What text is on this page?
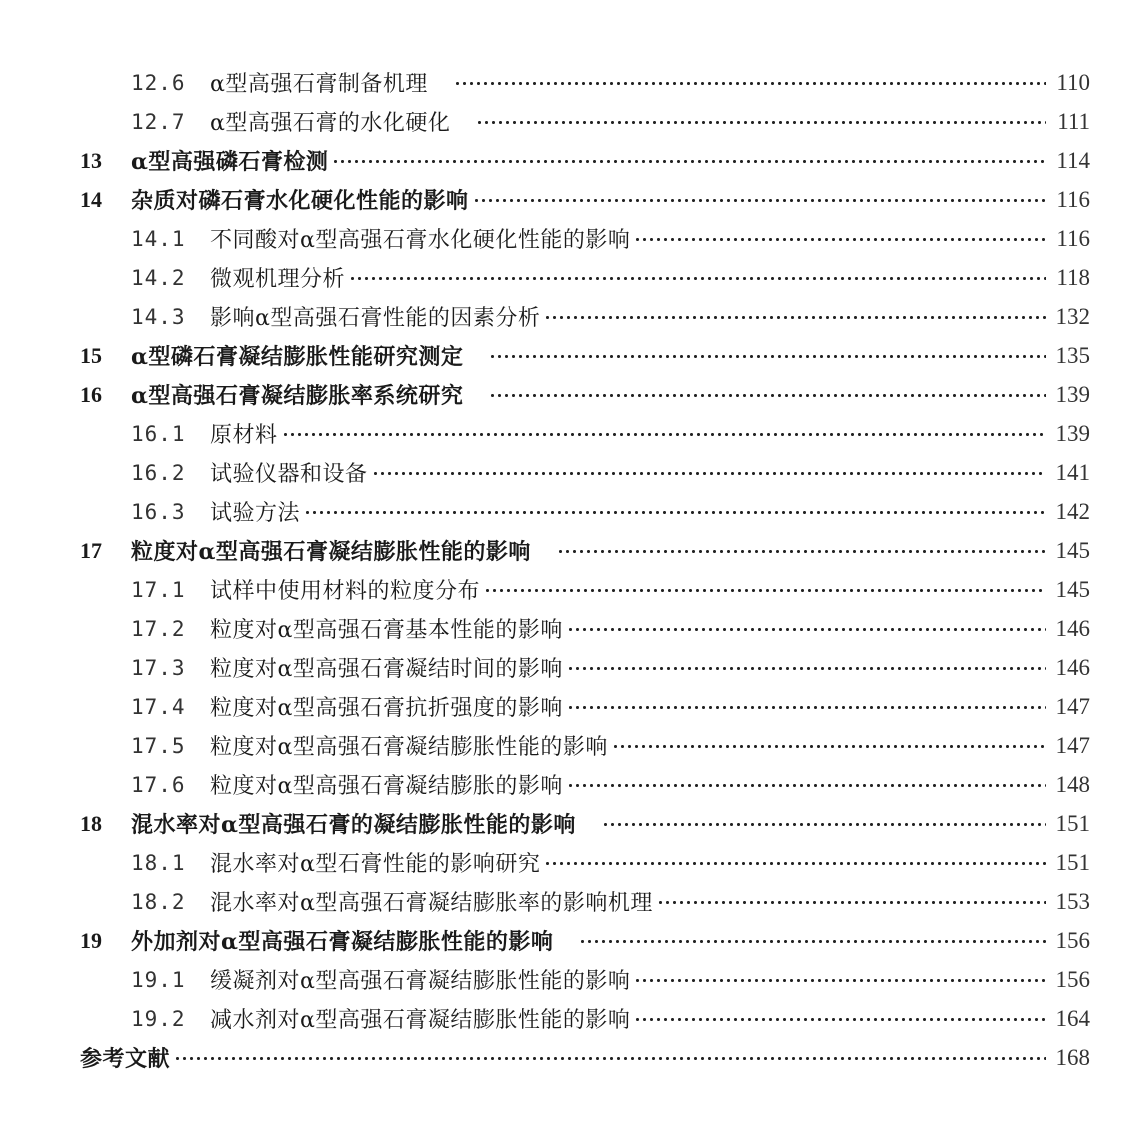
12.6	α型高强石膏制备机理	110
12.7	α型高强石膏的水化硬化	111
13	α型高强磷石膏检测	114
14	杂质对磷石膏水化硬化性能的影响	116
14.1	不同酸对α型高强石膏水化硬化性能的影响	116
14.2	微观机理分析	118
14.3	影响α型高强石膏性能的因素分析	132
15	α型磷石膏凝结膨胀性能研究测定	135
16	α型高强石膏凝结膨胀率系统研究	139
16.1	原材料	139
16.2	试验仪器和设备	141
16.3	试验方法	142
17	粒度对α型高强石膏凝结膨胀性能的影响	145
17.1	试样中使用材料的粒度分布	145
17.2	粒度对α型高强石膏基本性能的影响	146
17.3	粒度对α型高强石膏凝结时间的影响	146
17.4	粒度对α型高强石膏抗折强度的影响	147
17.5	粒度对α型高强石膏凝结膨胀性能的影响	147
17.6	粒度对α型高强石膏凝结膨胀的影响	148
18	混水率对α型高强石膏的凝结膨胀性能的影响	151
18.1	混水率对α型石膏性能的影响研究	151
18.2	混水率对α型高强石膏凝结膨胀率的影响机理	153
19	外加剂对α型高强石膏凝结膨胀性能的影响	156
19.1	缓凝剂对α型高强石膏凝结膨胀性能的影响	156
19.2	减水剂对α型高强石膏凝结膨胀性能的影响	164
参考文献	168
